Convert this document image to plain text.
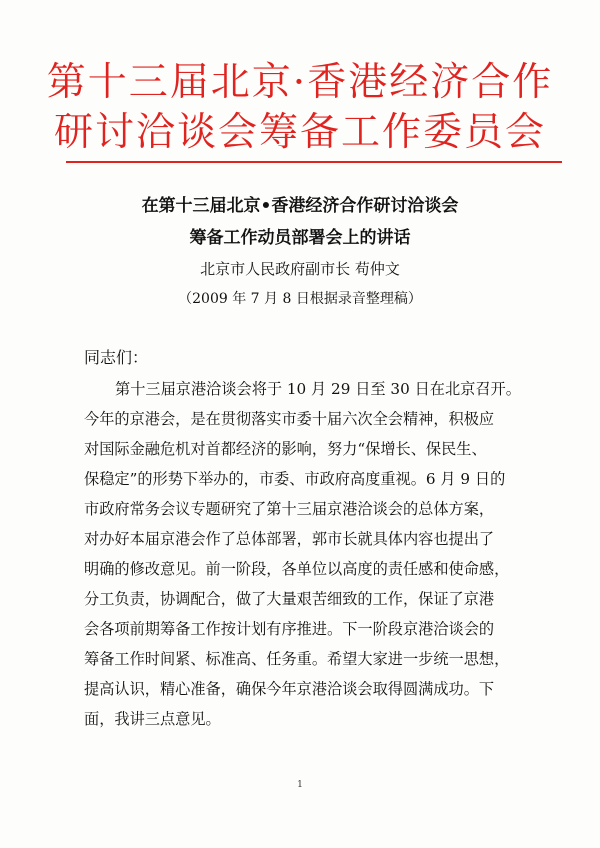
第十三届北京·香港经济合作
研讨洽谈会筹备工作委员会
在第十三届北京•香港经济合作研讨洽谈会
筹备工作动员部署会上的讲话
北京市人民政府副市长 苟仲文
（2009 年 7 月 8 日根据录音整理稿）
同志们：
第十三届京港洽谈会将于 10 月 29 日至 30 日在北京召开。
今年的京港会，是在贯彻落实市委十届六次全会精神，积极应
对国际金融危机对首都经济的影响，努力“保增长、保民生、
保稳定”的形势下举办的，市委、市政府高度重视。6 月 9 日的
市政府常务会议专题研究了第十三届京港洽谈会的总体方案，
对办好本届京港会作了总体部署，郭市长就具体内容也提出了
明确的修改意见。前一阶段，各单位以高度的责任感和使命感，
分工负责，协调配合，做了大量艰苦细致的工作，保证了京港
会各项前期筹备工作按计划有序推进。下一阶段京港洽谈会的
筹备工作时间紧、标准高、任务重。希望大家进一步统一思想，
提高认识，精心准备，确保今年京港洽谈会取得圆满成功。下
面，我讲三点意见。
1
